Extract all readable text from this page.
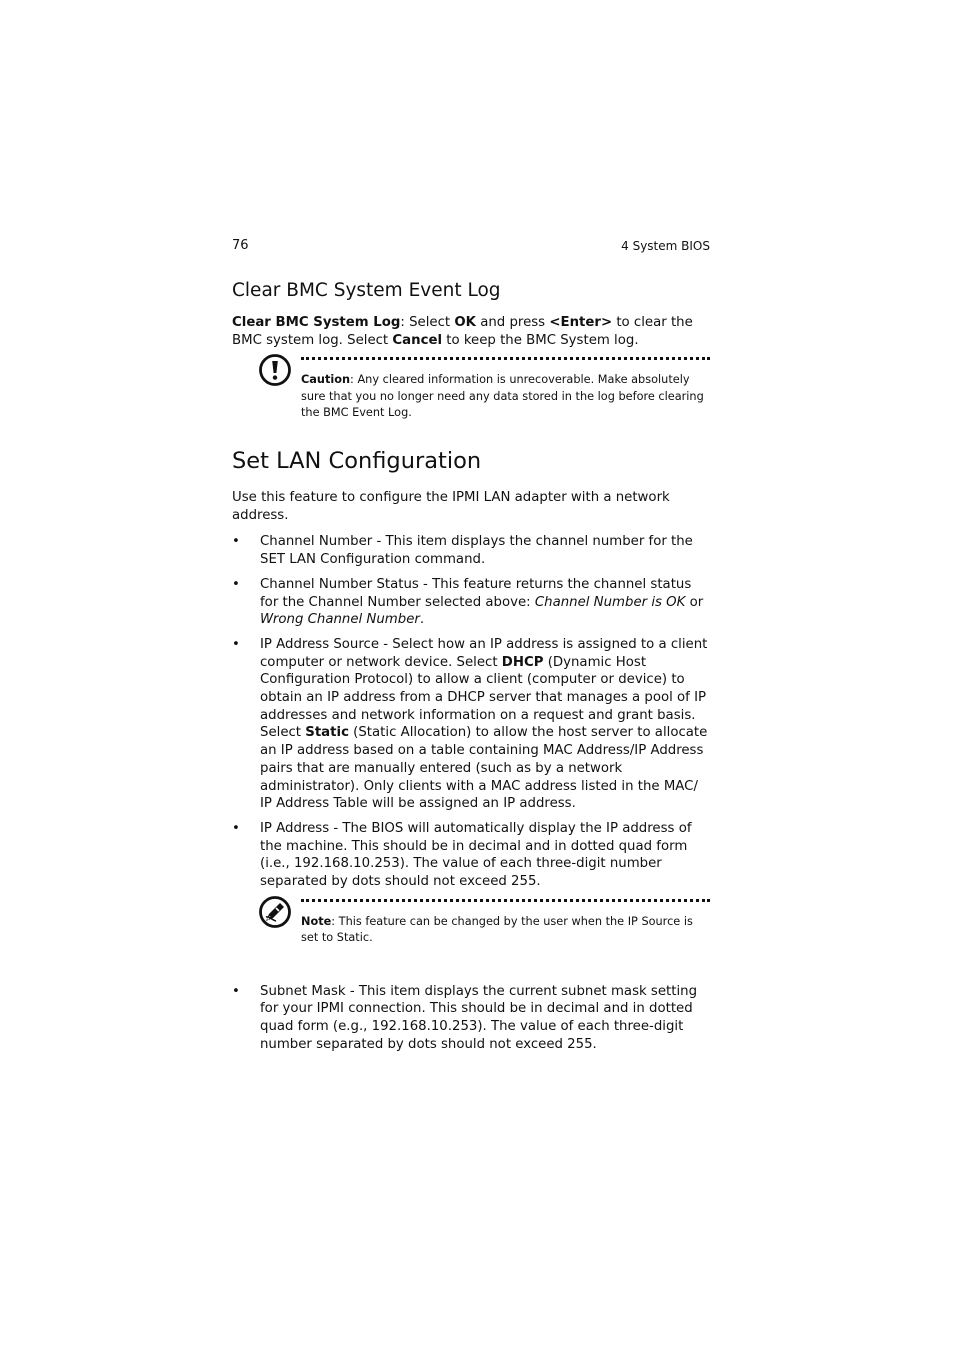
76	4 System BIOS
Clear BMC System Event Log

Clear BMC System Log: Select OK and press <Enter> to clear the BMC system log. Select Cancel to keep the BMC System log.

Caution: Any cleared information is unrecoverable. Make absolutely sure that you no longer need any data stored in the log before clearing the BMC Event Log.
Set LAN Configuration

Use this feature to configure the IPMI LAN adapter with a network address.

• Channel Number - This item displays the channel number for the SET LAN Configuration command.
• Channel Number Status - This feature returns the channel status for the Channel Number selected above: Channel Number is OK or Wrong Channel Number.
• IP Address Source - Select how an IP address is assigned to a client computer or network device. Select DHCP (Dynamic Host Configuration Protocol) to allow a client (computer or device) to obtain an IP address from a DHCP server that manages a pool of IP addresses and network information on a request and grant basis. Select Static (Static Allocation) to allow the host server to allocate an IP address based on a table containing MAC Address/IP Address pairs that are manually entered (such as by a network administrator). Only clients with a MAC address listed in the MAC/ IP Address Table will be assigned an IP address.
• IP Address - The BIOS will automatically display the IP address of the machine. This should be in decimal and in dotted quad form (i.e., 192.168.10.253). The value of each three-digit number separated by dots should not exceed 255.
Note: This feature can be changed by the user when the IP Source is set to Static.
• Subnet Mask - This item displays the current subnet mask setting for your IPMI connection. This should be in decimal and in dotted quad form (e.g., 192.168.10.253). The value of each three-digit number separated by dots should not exceed 255.
